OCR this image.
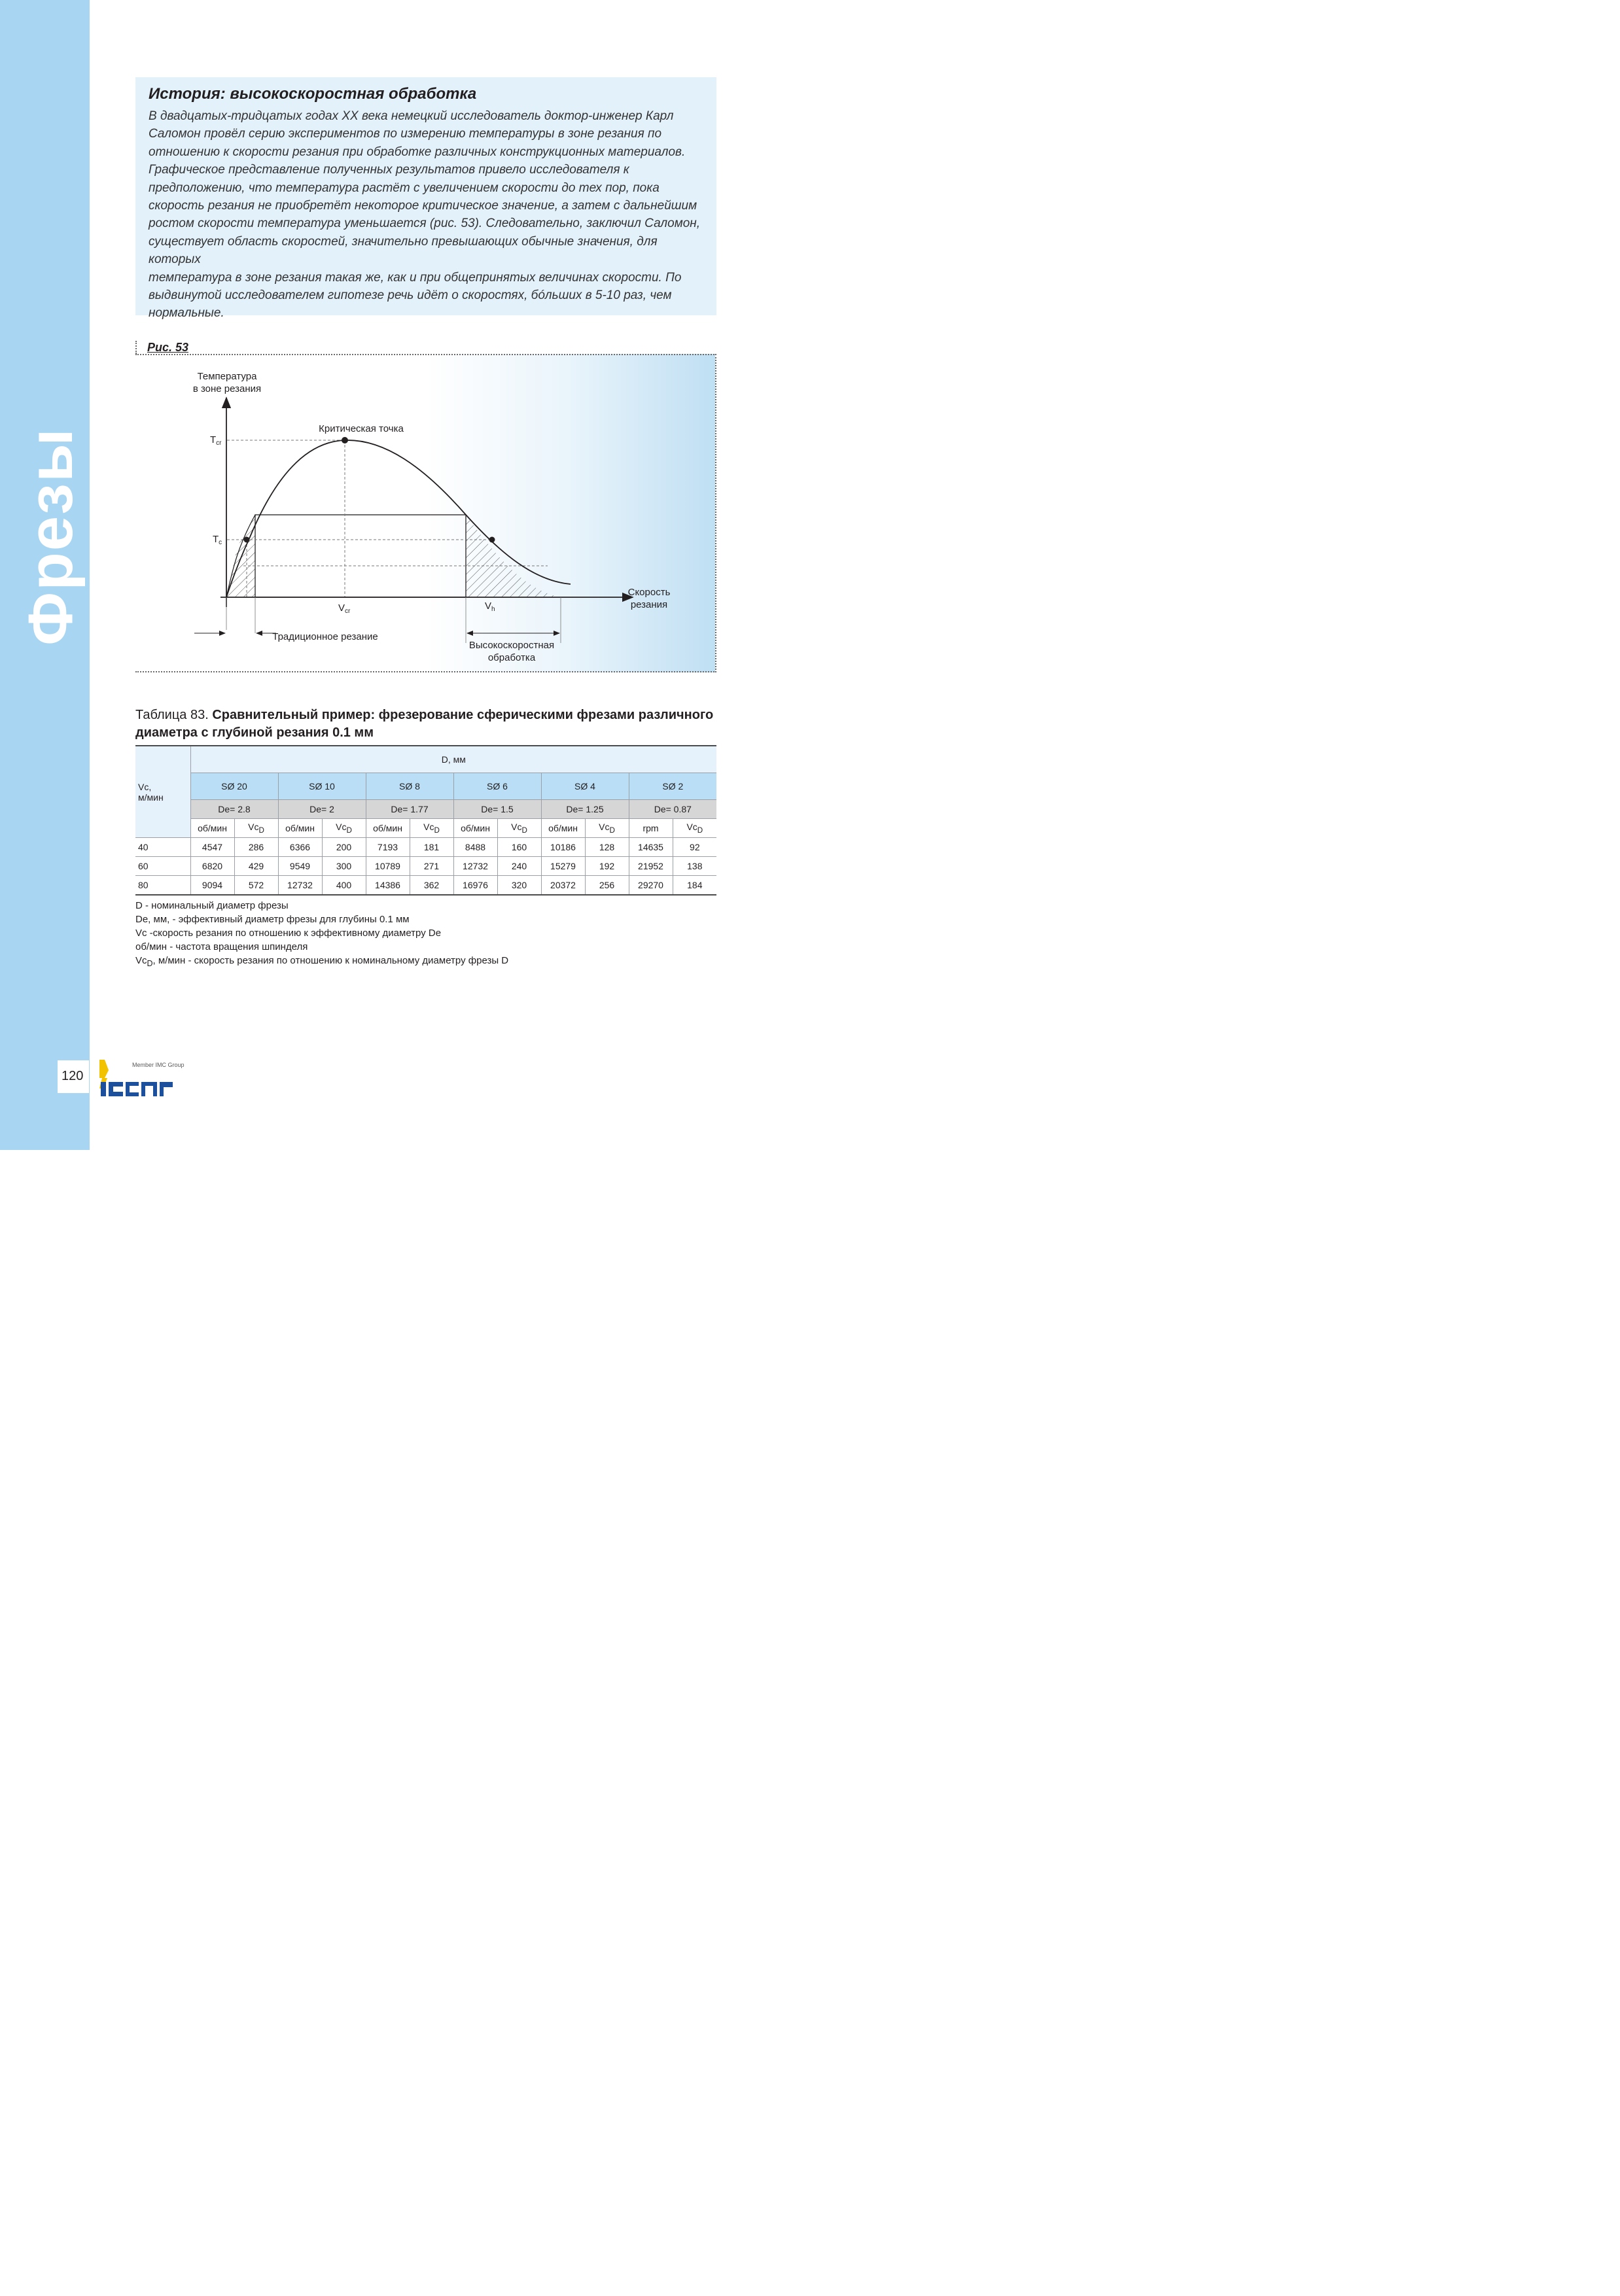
Фрезы
История: высокоскоростная обработка
В двадцатых-тридцатых годах XX века немецкий исследователь доктор-инженер Карл
Саломон провёл серию экспериментов по измерению температуры в зоне резания по
отношению к скорости резания при обработке различных конструкционных материалов.
Графическое представление полученных результатов привело исследователя к
предположению, что температура растёт с увеличением скорости до тех пор, пока
скорость резания не приобретёт некоторое критическое значение, а затем с дальнейшим
ростом скорости температура уменьшается (рис. 53). Следовательно, заключил Саломон,
существует область скоростей, значительно превышающих обычные значения, для которых
температура в зоне резания такая же, как и при общепринятых величинах скорости. По
выдвинутой исследователем гипотезе речь идёт о скоростях, бóльших в 5-10 раз, чем
нормальные.
Рис. 53
Температура
в зоне резания
Критическая точка
$T_{cr}$
$T_c$
$V_{cr}$	$V_h$
Скорость
резания
Традиционное резание
Высокоскоростная
обработка
Таблица 83. Сравнительный пример: фрезерование сферическими фрезами различного диаметра с глубиной резания 0.1 мм
Vc,
м/мин	D, мм											
	SØ 20		SØ 10		SØ 8		SØ 6		SØ 4		SØ 2	
	De= 2.8		De= 2		De= 1.77		De= 1.5		De= 1.25		De= 0.87	
	об/мин	$Vc_D$	об/мин	$Vc_D$	об/мин	$Vc_D$	об/мин	$Vc_D$	об/мин	$Vc_D$	rpm	$Vc_D$
40	4547	286	6366	200	7193	181	8488	160	10186	128	14635	92
60	6820	429	9549	300	10789	271	12732	240	15279	192	21952	138
80	9094	572	12732	400	14386	362	16976	320	20372	256	29270	184
D - номинальный диаметр фрезы
De, мм, - эффективный диаметр фрезы для глубины 0.1 мм
Vc -скорость резания по отношению к эффективному диаметру De
об/мин - частота вращения шпинделя
$Vc_D$, м/мин - скорость резания по отношению к номинальному диаметру фрезы D
120
Member IMC Group
